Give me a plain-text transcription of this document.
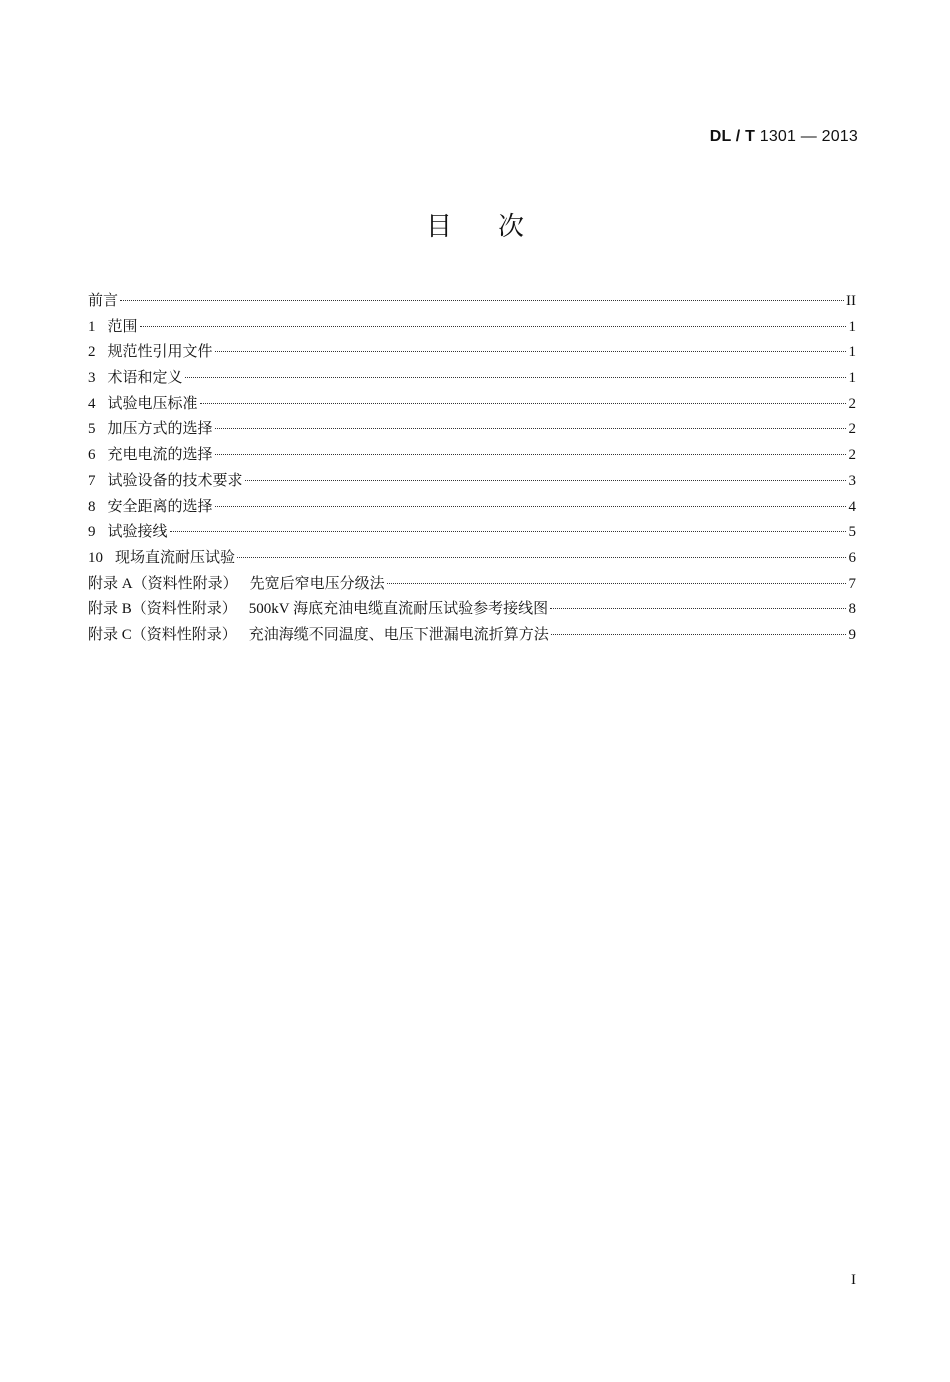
DL / T 1301 — 2013
目次
前言	II
1 范围	1
2 规范性引用文件	1
3 术语和定义	1
4 试验电压标准	2
5 加压方式的选择	2
6 充电电流的选择	2
7 试验设备的技术要求	3
8 安全距离的选择	4
9 试验接线	5
10 现场直流耐压试验	6
附录 A（资料性附录） 先宽后窄电压分级法	7
附录 B（资料性附录） 500kV 海底充油电缆直流耐压试验参考接线图	8
附录 C（资料性附录） 充油海缆不同温度、电压下泄漏电流折算方法	9
I
